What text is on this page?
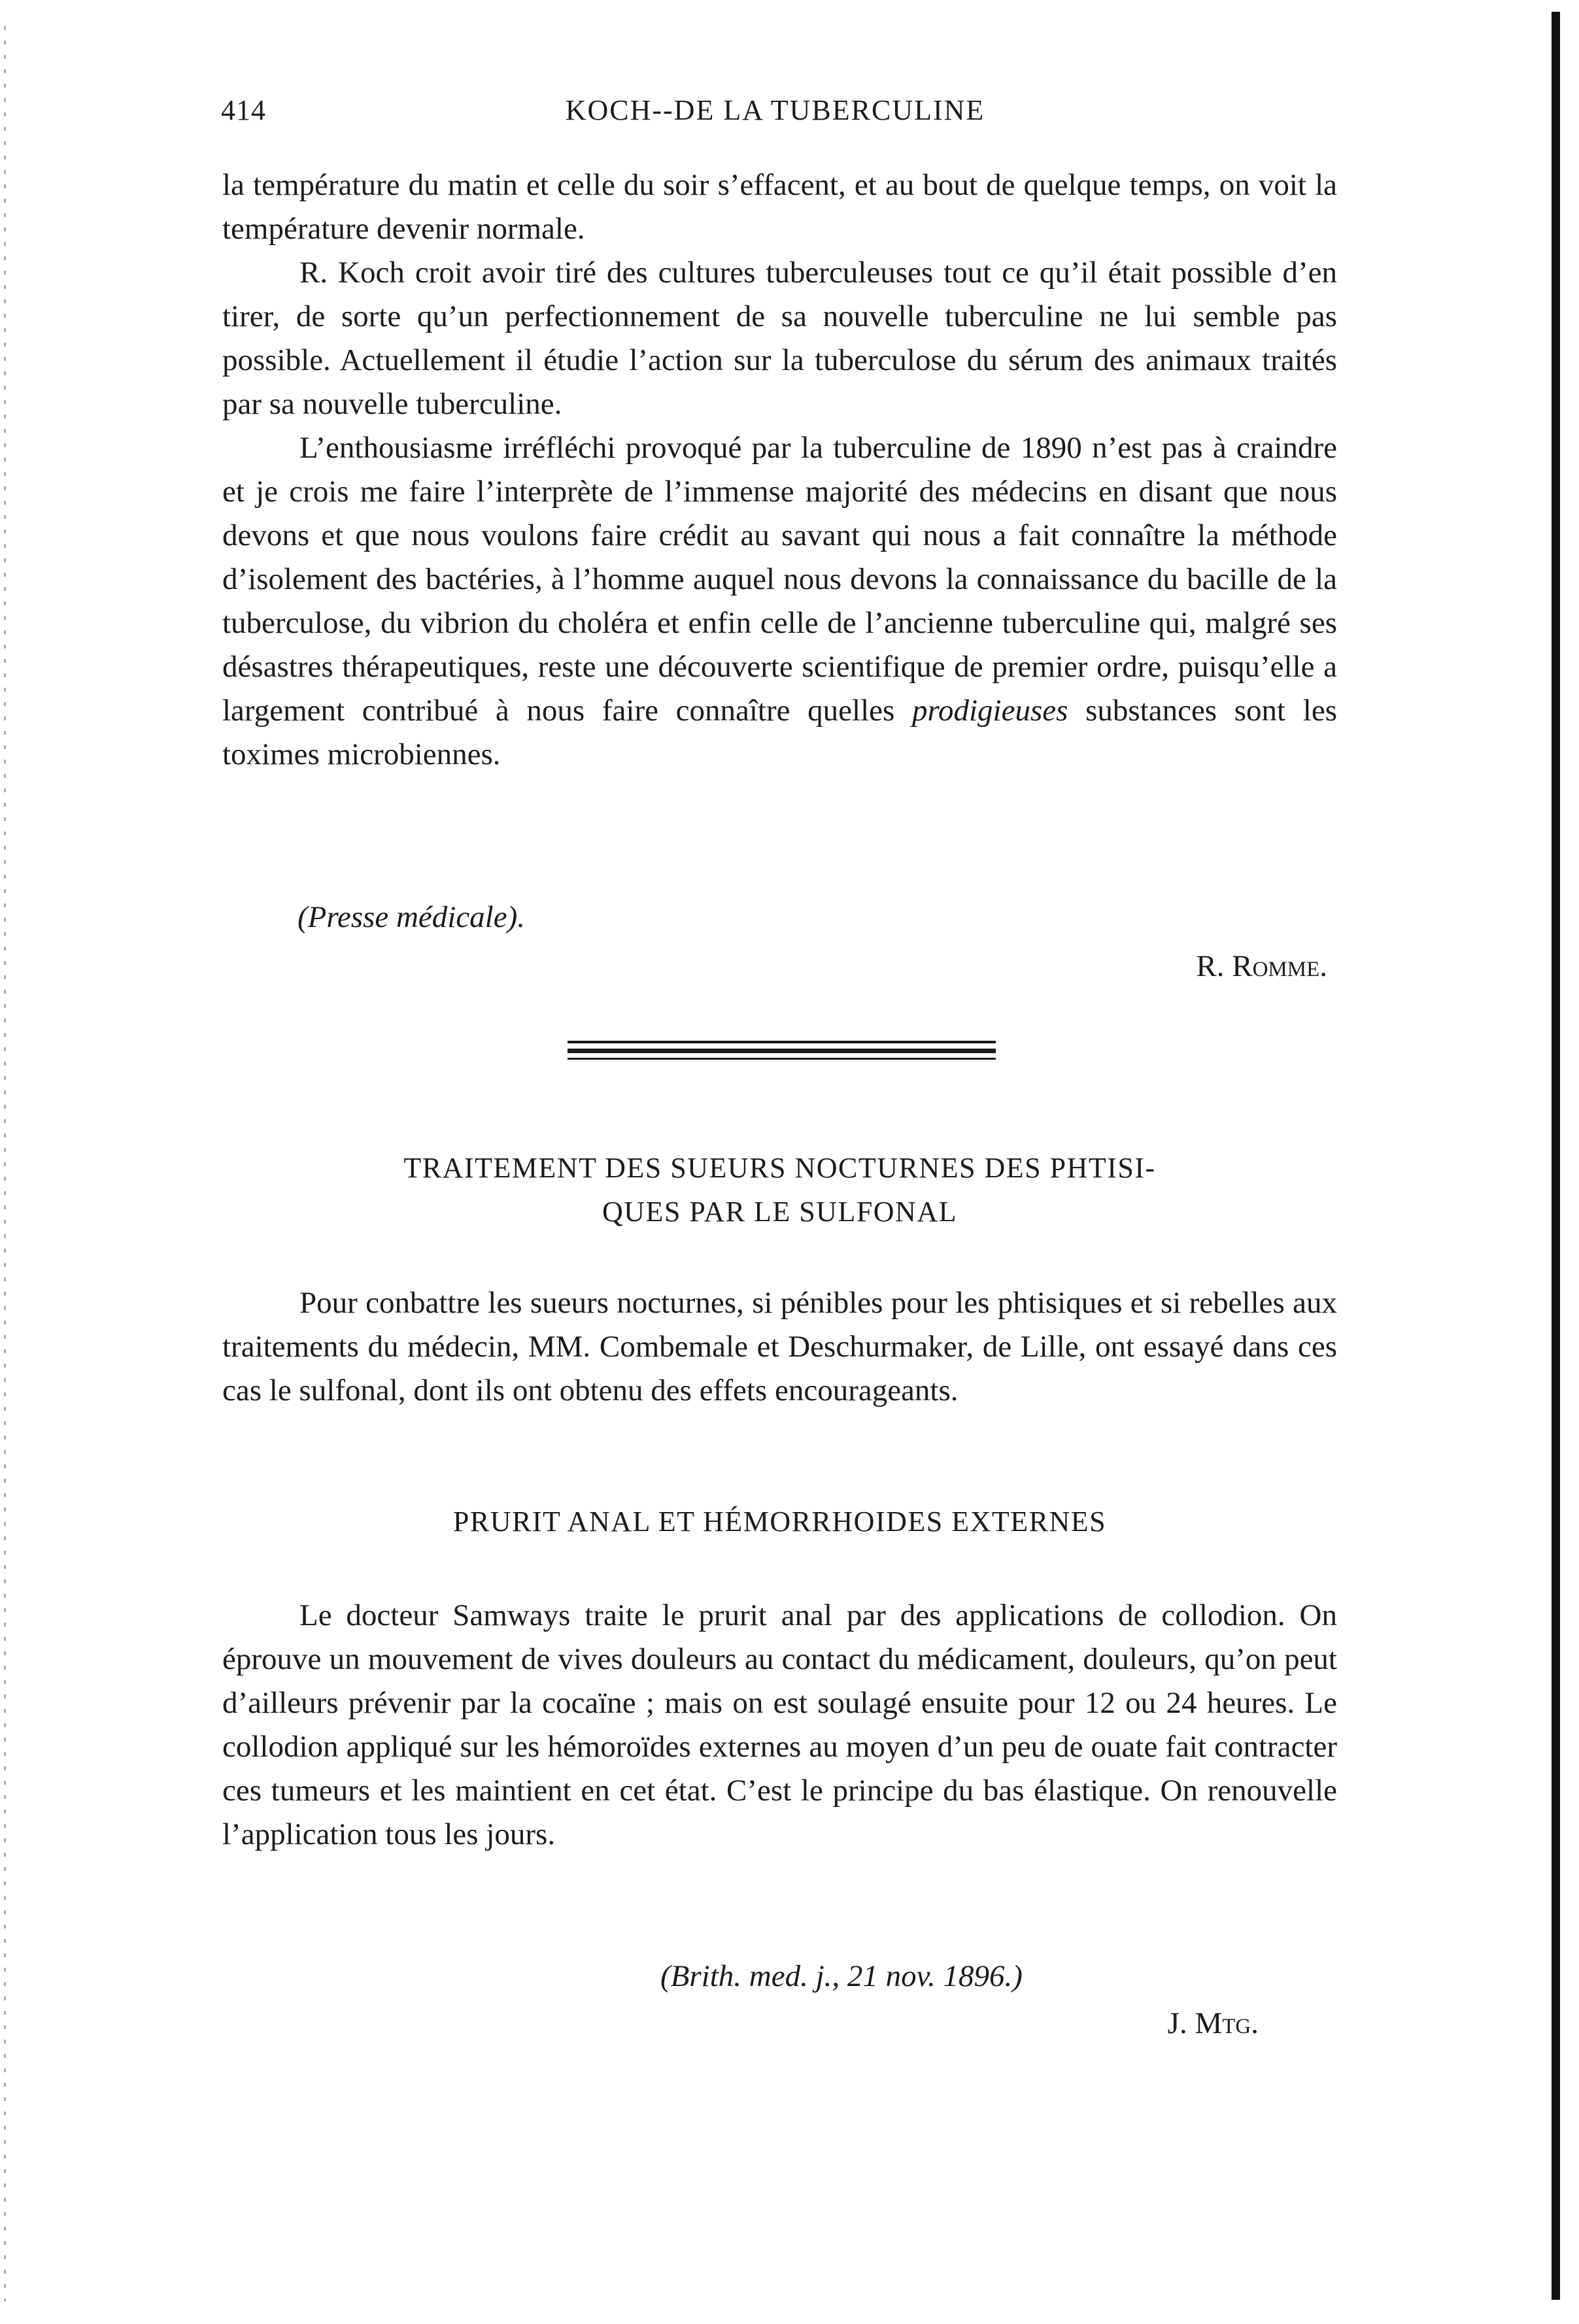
414	KOCH--DE LA TUBERCULINE

la température du matin et celle du soir s’effacent, et au bout de quelque temps, on voit la température devenir normale.

R. Koch croit avoir tiré des cultures tuberculeuses tout ce qu’il était possible d’en tirer, de sorte qu’un perfectionnement de sa nouvelle tuberculine ne lui semble pas possible. Actuellement il étudie l’action sur la tuberculose du sérum des animaux traités par sa nouvelle tuberculine.

L’enthousiasme irréfléchi provoqué par la tuberculine de 1890 n’est pas à craindre et je crois me faire l’interprète de l’immense majorité des médecins en disant que nous devons et que nous voulons faire crédit au savant qui nous a fait connaître la méthode d’isolement des bactéries, à l’homme auquel nous devons la connaissance du bacille de la tuberculose, du vibrion du choléra et enfin celle de l’ancienne tuberculine qui, malgré ses désastres thérapeutiques, reste une découverte scientifique de premier ordre, puisqu’elle a largement contribué à nous faire connaître quelles prodigieuses substances sont les toximes microbiennes.

(Presse médicale).
R. Romme.
TRAITEMENT DES SUEURS NOCTURNES DES PHTISI-
QUES PAR LE SULFONAL

Pour conbattre les sueurs nocturnes, si pénibles pour les phtisiques et si rebelles aux traitements du médecin, MM. Combemale et Deschurmaker, de Lille, ont essayé dans ces cas le sulfonal, dont ils ont obtenu des effets encourageants.

PRURIT ANAL ET HÉMORRHOIDES EXTERNES

Le docteur Samways traite le prurit anal par des applications de collodion. On éprouve un mouvement de vives douleurs au contact du médicament, douleurs, qu’on peut d’ailleurs prévenir par la cocaïne ; mais on est soulagé ensuite pour 12 ou 24 heures. Le collodion appliqué sur les hémoroïdes externes au moyen d’un peu de ouate fait contracter ces tumeurs et les maintient en cet état. C’est le principe du bas élastique. On renouvelle l’application tous les jours.

(Brith. med. j., 21 nov. 1896.)
J. Mtg.
